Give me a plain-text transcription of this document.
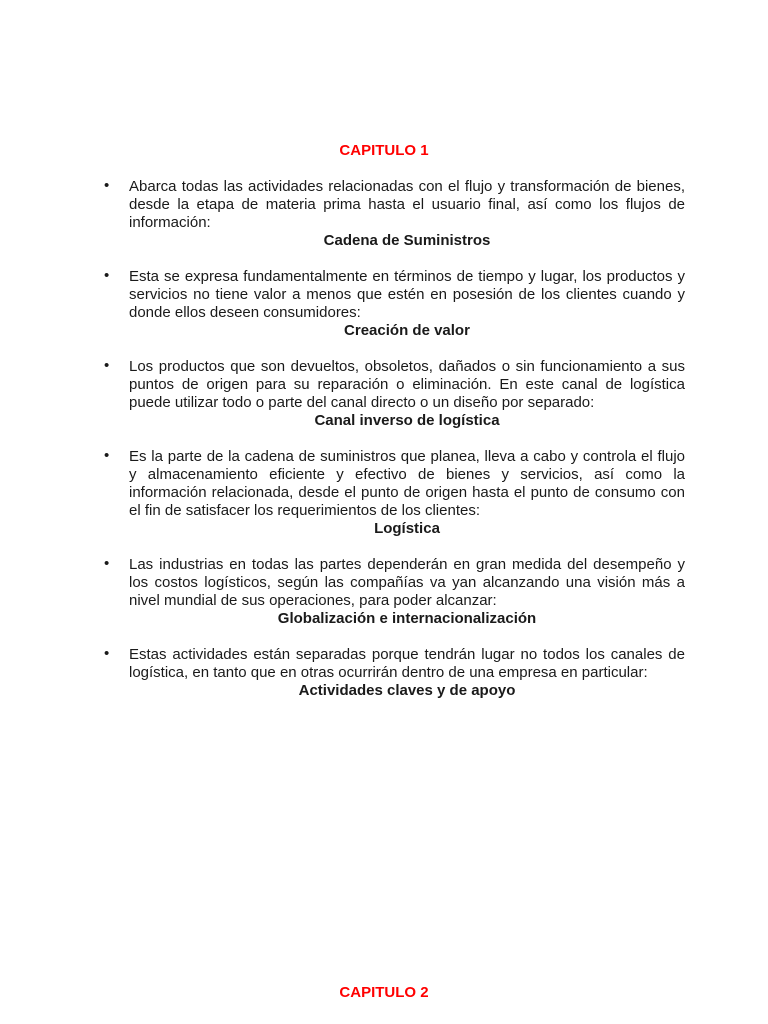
CAPITULO 1
• Abarca todas las actividades relacionadas con el flujo y transformación de bienes, desde la etapa de materia prima hasta el usuario final, así como los flujos de información:

Cadena de Suministros

• Esta se expresa fundamentalmente en términos de tiempo y lugar, los productos y servicios no tiene valor a menos que estén en posesión de los clientes cuando y donde ellos deseen consumidores:

Creación de valor

• Los productos que son devueltos, obsoletos, dañados o sin funcionamiento a sus puntos de origen para su reparación o eliminación. En este canal de logística puede utilizar todo o parte del canal directo o un diseño por separado:

Canal inverso de logística

• Es la parte de la cadena de suministros que planea, lleva a cabo y controla el flujo y almacenamiento eficiente y efectivo de bienes y servicios, así como la información relacionada, desde el punto de origen hasta el punto de consumo con el fin de satisfacer los requerimientos de los clientes:

Logística

• Las industrias en todas las partes dependerán en gran medida del desempeño y los costos logísticos, según las compañías va yan alcanzando una visión más a nivel mundial de sus operaciones, para poder alcanzar:

Globalización e internacionalización

• Estas actividades están separadas porque tendrán lugar no todos los canales de logística, en tanto que en otras ocurrirán dentro de una empresa en particular:

Actividades claves y de apoyo

CAPITULO 2
